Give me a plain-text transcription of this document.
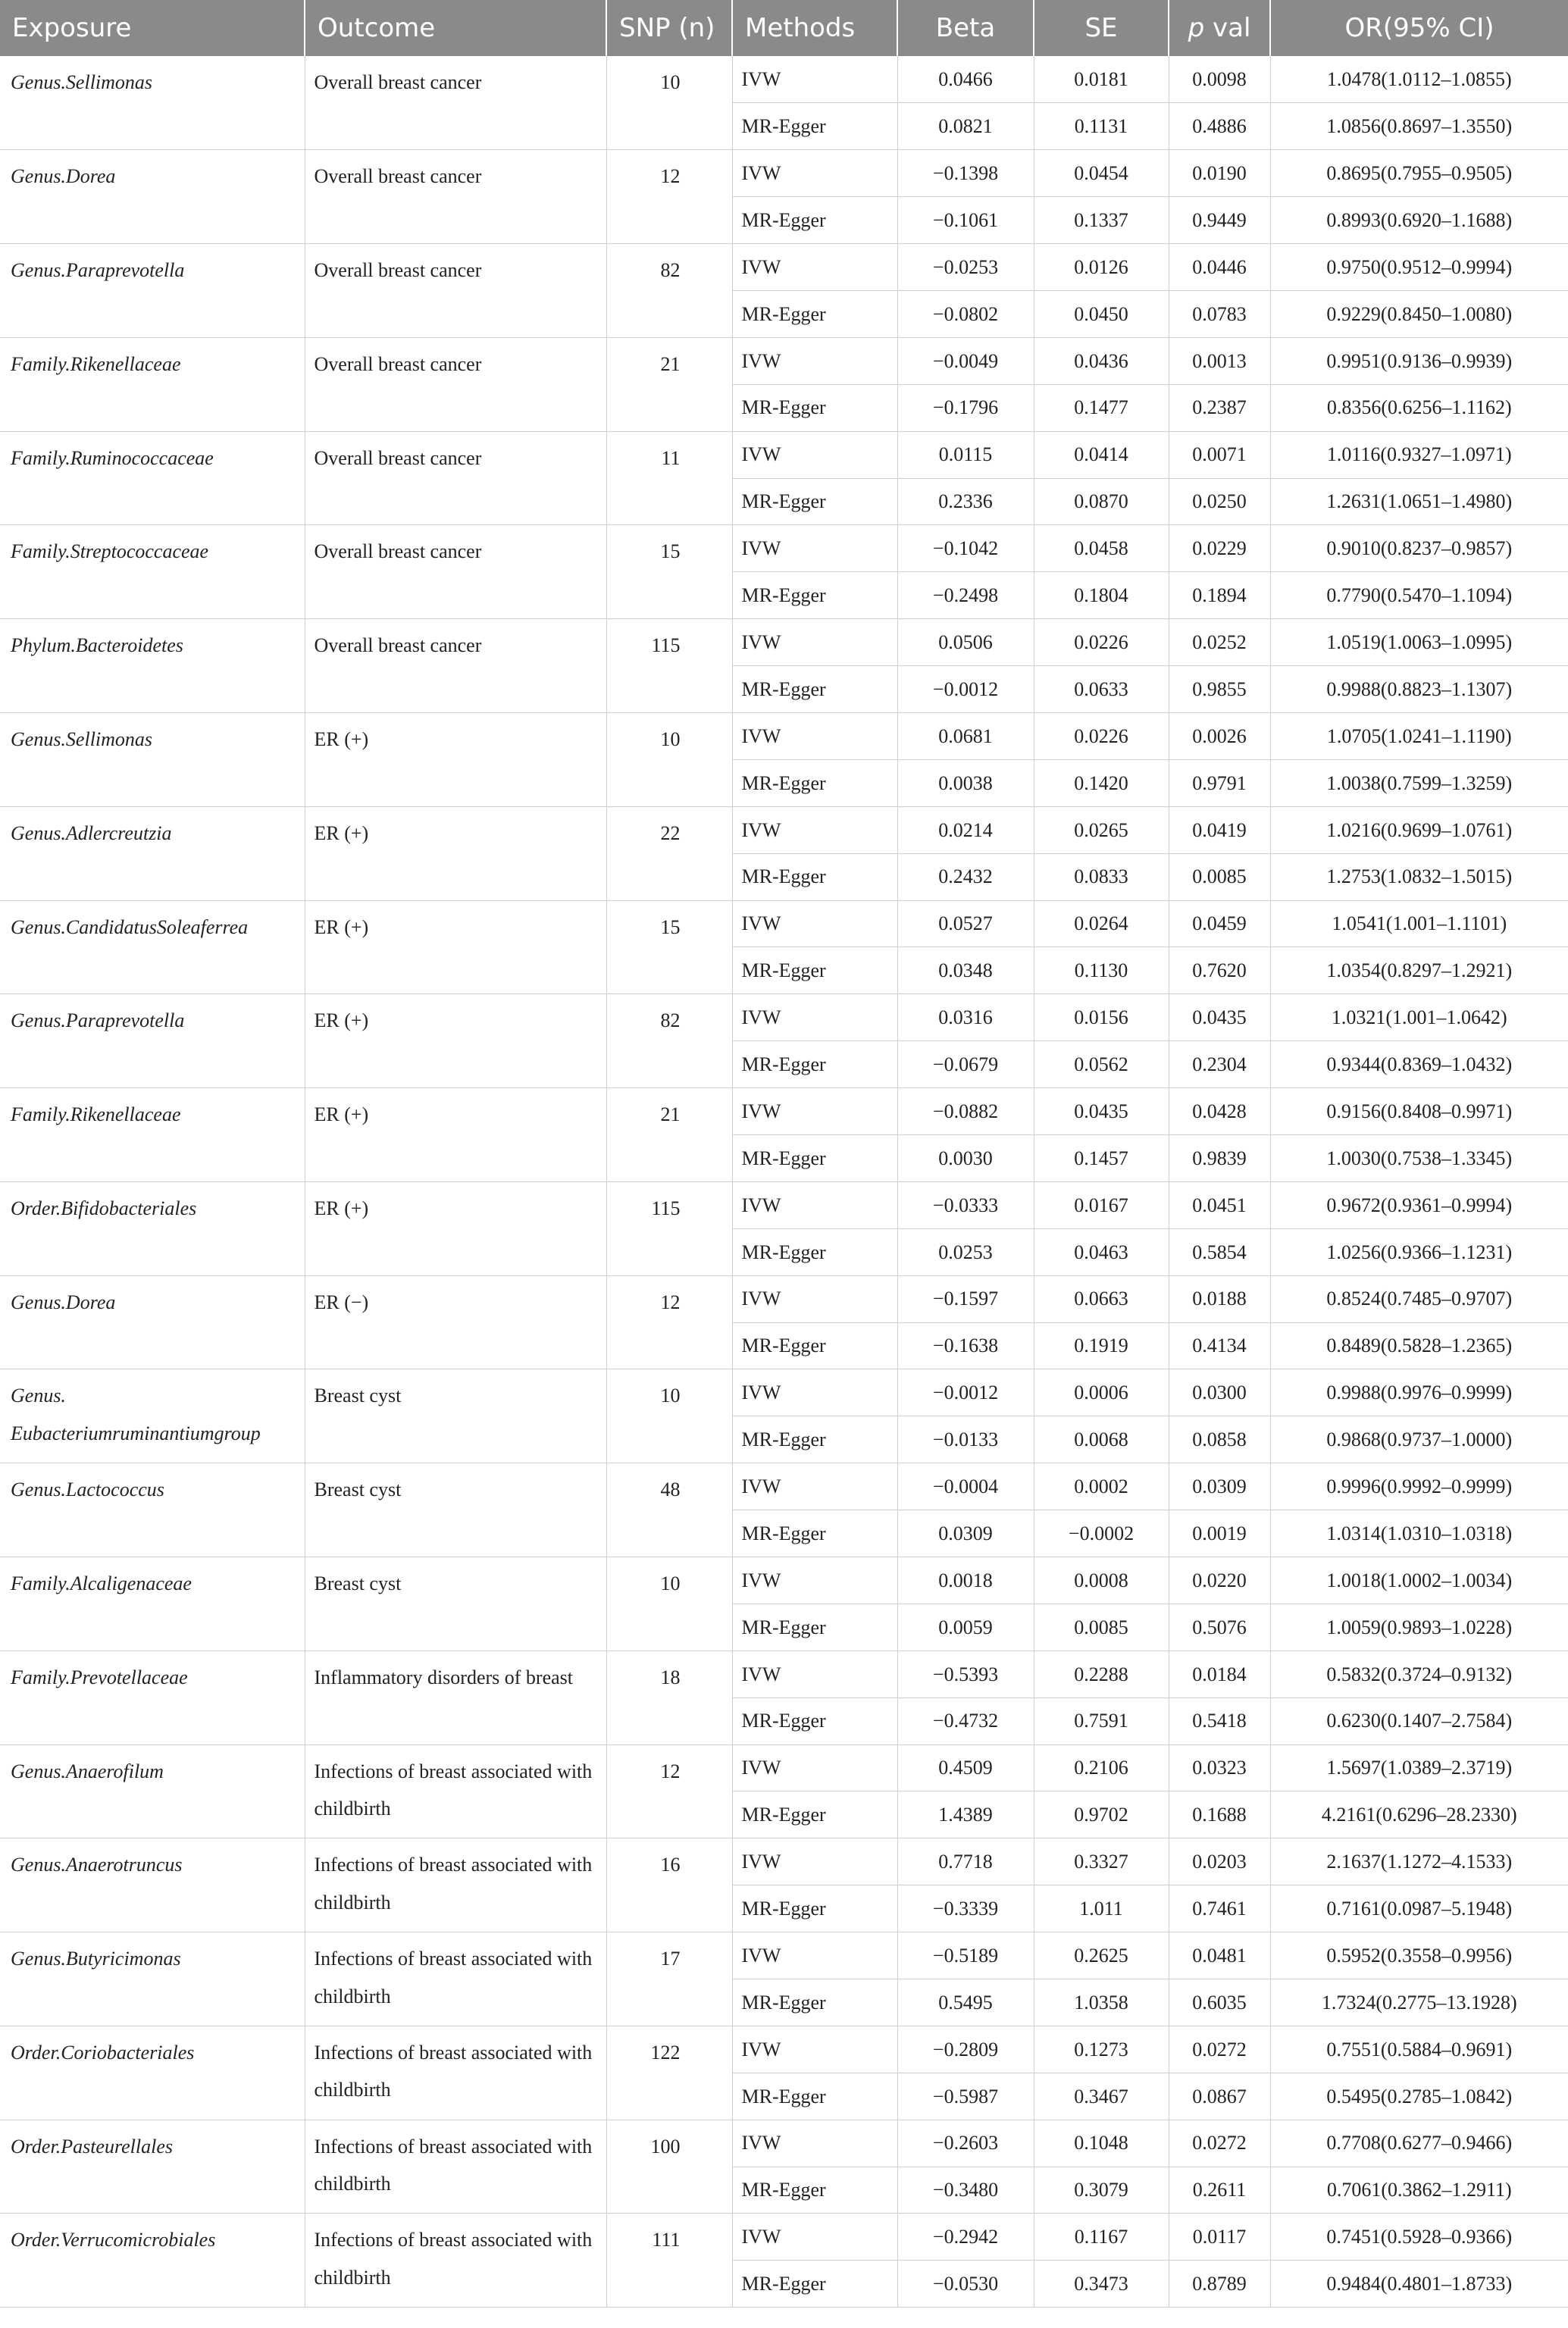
Exposure	Outcome	SNP (n)	Methods	Beta	SE	p val	OR(95% CI)
Genus.Sellimonas	Overall breast cancer	10	IVW	0.0466	0.0181	0.0098	1.0478(1.0112–1.0855)
			MR-Egger	0.0821	0.1131	0.4886	1.0856(0.8697–1.3550)
Genus.Dorea	Overall breast cancer	12	IVW	−0.1398	0.0454	0.0190	0.8695(0.7955–0.9505)
			MR-Egger	−0.1061	0.1337	0.9449	0.8993(0.6920–1.1688)
Genus.Paraprevotella	Overall breast cancer	82	IVW	−0.0253	0.0126	0.0446	0.9750(0.9512–0.9994)
			MR-Egger	−0.0802	0.0450	0.0783	0.9229(0.8450–1.0080)
Family.Rikenellaceae	Overall breast cancer	21	IVW	−0.0049	0.0436	0.0013	0.9951(0.9136–0.9939)
			MR-Egger	−0.1796	0.1477	0.2387	0.8356(0.6256–1.1162)
Family.Ruminococcaceae	Overall breast cancer	11	IVW	0.0115	0.0414	0.0071	1.0116(0.9327–1.0971)
			MR-Egger	0.2336	0.0870	0.0250	1.2631(1.0651–1.4980)
Family.Streptococcaceae	Overall breast cancer	15	IVW	−0.1042	0.0458	0.0229	0.9010(0.8237–0.9857)
			MR-Egger	−0.2498	0.1804	0.1894	0.7790(0.5470–1.1094)
Phylum.Bacteroidetes	Overall breast cancer	115	IVW	0.0506	0.0226	0.0252	1.0519(1.0063–1.0995)
			MR-Egger	−0.0012	0.0633	0.9855	0.9988(0.8823–1.1307)
Genus.Sellimonas	ER (+)	10	IVW	0.0681	0.0226	0.0026	1.0705(1.0241–1.1190)
			MR-Egger	0.0038	0.1420	0.9791	1.0038(0.7599–1.3259)
Genus.Adlercreutzia	ER (+)	22	IVW	0.0214	0.0265	0.0419	1.0216(0.9699–1.0761)
			MR-Egger	0.2432	0.0833	0.0085	1.2753(1.0832–1.5015)
Genus.CandidatusSoleaferrea	ER (+)	15	IVW	0.0527	0.0264	0.0459	1.0541(1.001–1.1101)
			MR-Egger	0.0348	0.1130	0.7620	1.0354(0.8297–1.2921)
Genus.Paraprevotella	ER (+)	82	IVW	0.0316	0.0156	0.0435	1.0321(1.001–1.0642)
			MR-Egger	−0.0679	0.0562	0.2304	0.9344(0.8369–1.0432)
Family.Rikenellaceae	ER (+)	21	IVW	−0.0882	0.0435	0.0428	0.9156(0.8408–0.9971)
			MR-Egger	0.0030	0.1457	0.9839	1.0030(0.7538–1.3345)
Order.Bifidobacteriales	ER (+)	115	IVW	−0.0333	0.0167	0.0451	0.9672(0.9361–0.9994)
			MR-Egger	0.0253	0.0463	0.5854	1.0256(0.9366–1.1231)
Genus.Dorea	ER (−)	12	IVW	−0.1597	0.0663	0.0188	0.8524(0.7485–0.9707)
			MR-Egger	−0.1638	0.1919	0.4134	0.8489(0.5828–1.2365)
Genus. Eubacteriumruminantiumgroup	Breast cyst	10	IVW	−0.0012	0.0006	0.0300	0.9988(0.9976–0.9999)
			MR-Egger	−0.0133	0.0068	0.0858	0.9868(0.9737–1.0000)
Genus.Lactococcus	Breast cyst	48	IVW	−0.0004	0.0002	0.0309	0.9996(0.9992–0.9999)
			MR-Egger	0.0309	−0.0002	0.0019	1.0314(1.0310–1.0318)
Family.Alcaligenaceae	Breast cyst	10	IVW	0.0018	0.0008	0.0220	1.0018(1.0002–1.0034)
			MR-Egger	0.0059	0.0085	0.5076	1.0059(0.9893–1.0228)
Family.Prevotellaceae	Inflammatory disorders of breast	18	IVW	−0.5393	0.2288	0.0184	0.5832(0.3724–0.9132)
			MR-Egger	−0.4732	0.7591	0.5418	0.6230(0.1407–2.7584)
Genus.Anaerofilum	Infections of breast associated with childbirth	12	IVW	0.4509	0.2106	0.0323	1.5697(1.0389–2.3719)
			MR-Egger	1.4389	0.9702	0.1688	4.2161(0.6296–28.2330)
Genus.Anaerotruncus	Infections of breast associated with childbirth	16	IVW	0.7718	0.3327	0.0203	2.1637(1.1272–4.1533)
			MR-Egger	−0.3339	1.011	0.7461	0.7161(0.0987–5.1948)
Genus.Butyricimonas	Infections of breast associated with childbirth	17	IVW	−0.5189	0.2625	0.0481	0.5952(0.3558–0.9956)
			MR-Egger	0.5495	1.0358	0.6035	1.7324(0.2775–13.1928)
Order.Coriobacteriales	Infections of breast associated with childbirth	122	IVW	−0.2809	0.1273	0.0272	0.7551(0.5884–0.9691)
			MR-Egger	−0.5987	0.3467	0.0867	0.5495(0.2785–1.0842)
Order.Pasteurellales	Infections of breast associated with childbirth	100	IVW	−0.2603	0.1048	0.0272	0.7708(0.6277–0.9466)
			MR-Egger	−0.3480	0.3079	0.2611	0.7061(0.3862–1.2911)
Order.Verrucomicrobiales	Infections of breast associated with childbirth	111	IVW	−0.2942	0.1167	0.0117	0.7451(0.5928–0.9366)
			MR-Egger	−0.0530	0.3473	0.8789	0.9484(0.4801–1.8733)
